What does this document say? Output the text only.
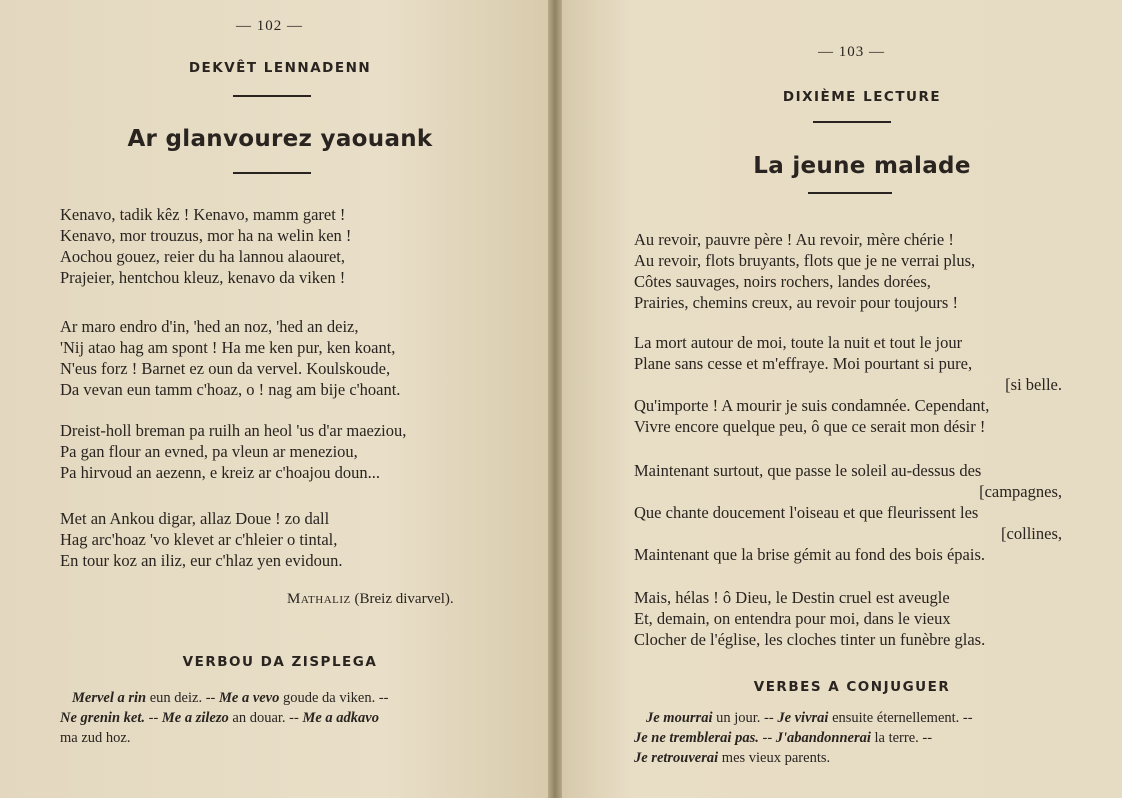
— 102 —
DEKVÊT LENNADENN
Ar glanvourez yaouank
Kenavo, tadik kêz ! Kenavo, mamm garet !
Kenavo, mor trouzus, mor ha na welin ken !
Aochou gouez, reier du ha lannou alaouret,
Prajeier, hentchou kleuz, kenavo da viken !
Ar maro endro d'in, 'hed an noz, 'hed an deiz,
'Nij atao hag am spont ! Ha me ken pur, ken koant,
N'eus forz ! Barnet ez oun da vervel. Koulskoude,
Da vevan eun tamm c'hoaz, o ! nag am bije c'hoant.
Dreist-holl breman pa ruilh an heol 'us d'ar maeziou,
Pa gan flour an evned, pa vleun ar meneziou,
Pa hirvoud an aezenn, e kreiz ar c'hoajou doun...
Met an Ankou digar, allaz Doue ! zo dall
Hag arc'hoaz 'vo klevet ar c'hleier o tintal,
En tour koz an iliz, eur c'hlaz yen evidoun.
Mathaliz (Breiz divarvel).
VERBOU DA ZISPLEGA
Mervel a rin eun deiz. -- Me a vevo goude da viken. --
Ne grenin ket. -- Me a zilezo an douar. -- Me a adkavo
ma zud hoz.
— 103 —
DIXIÈME LECTURE
La jeune malade
Au revoir, pauvre père ! Au revoir, mère chérie !
Au revoir, flots bruyants, flots que je ne verrai plus,
Côtes sauvages, noirs rochers, landes dorées,
Prairies, chemins creux, au revoir pour toujours !
La mort autour de moi, toute la nuit et tout le jour
Plane sans cesse et m'effraye. Moi pourtant si pure,
[si belle.
Qu'importe ! A mourir je suis condamnée. Cependant,
Vivre encore quelque peu, ô que ce serait mon désir !
Maintenant surtout, que passe le soleil au-dessus des
[campagnes,
Que chante doucement l'oiseau et que fleurissent les
[collines,
Maintenant que la brise gémit au fond des bois épais.
Mais, hélas ! ô Dieu, le Destin cruel est aveugle
Et, demain, on entendra pour moi, dans le vieux
Clocher de l'église, les cloches tinter un funèbre glas.
VERBES A CONJUGUER
Je mourrai un jour. -- Je vivrai ensuite éternellement. --
Je ne tremblerai pas. -- J'abandonnerai la terre. --
Je retrouverai mes vieux parents.
